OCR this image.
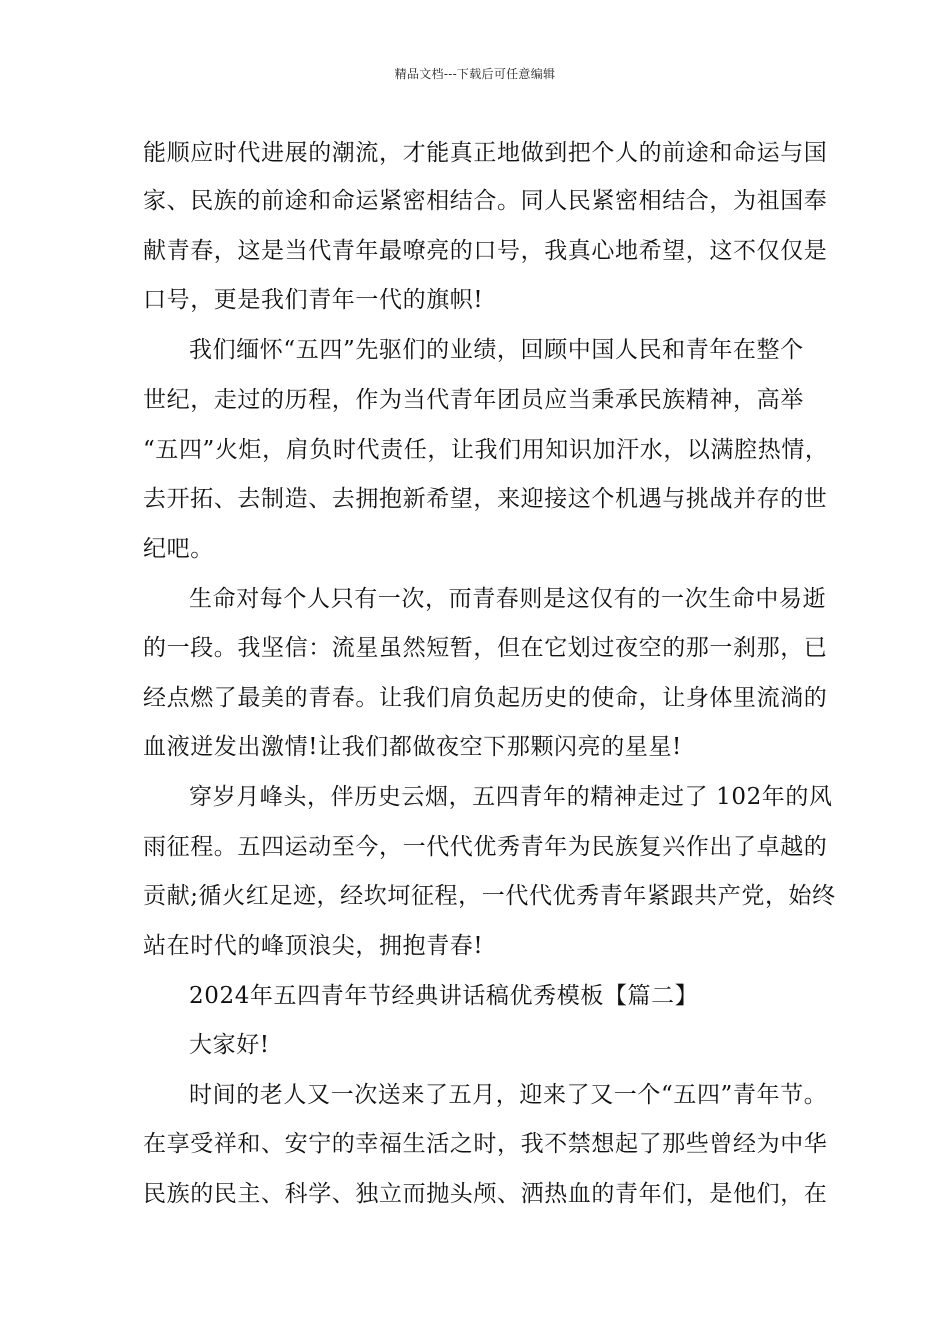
精品文档---下载后可任意编辑
能顺应时代进展的潮流，才能真正地做到把个人的前途和命运与国
家、民族的前途和命运紧密相结合。同人民紧密相结合，为祖国奉
献青春，这是当代青年最嘹亮的口号，我真心地希望，这不仅仅是
口号，更是我们青年一代的旗帜!
我们缅怀“五四”先驱们的业绩，回顾中国人民和青年在整个
世纪，走过的历程，作为当代青年团员应当秉承民族精神，高举
“五四”火炬，肩负时代责任，让我们用知识加汗水，以满腔热情，
去开拓、去制造、去拥抱新希望，来迎接这个机遇与挑战并存的世
纪吧。
生命对每个人只有一次，而青春则是这仅有的一次生命中易逝
的一段。我坚信：流星虽然短暂，但在它划过夜空的那一刹那，已
经点燃了最美的青春。让我们肩负起历史的使命，让身体里流淌的
血液迸发出激情!让我们都做夜空下那颗闪亮的星星!
穿岁月峰头，伴历史云烟，五四青年的精神走过了 102年的风
雨征程。五四运动至今，一代代优秀青年为民族复兴作出了卓越的
贡献;循火红足迹，经坎坷征程，一代代优秀青年紧跟共产党，始终
站在时代的峰顶浪尖，拥抱青春!
2024年五四青年节经典讲话稿优秀模板【篇二】
大家好!
时间的老人又一次送来了五月，迎来了又一个“五四”青年节。
在享受祥和、安宁的幸福生活之时，我不禁想起了那些曾经为中华
民族的民主、科学、独立而抛头颅、洒热血的青年们，是他们，在
